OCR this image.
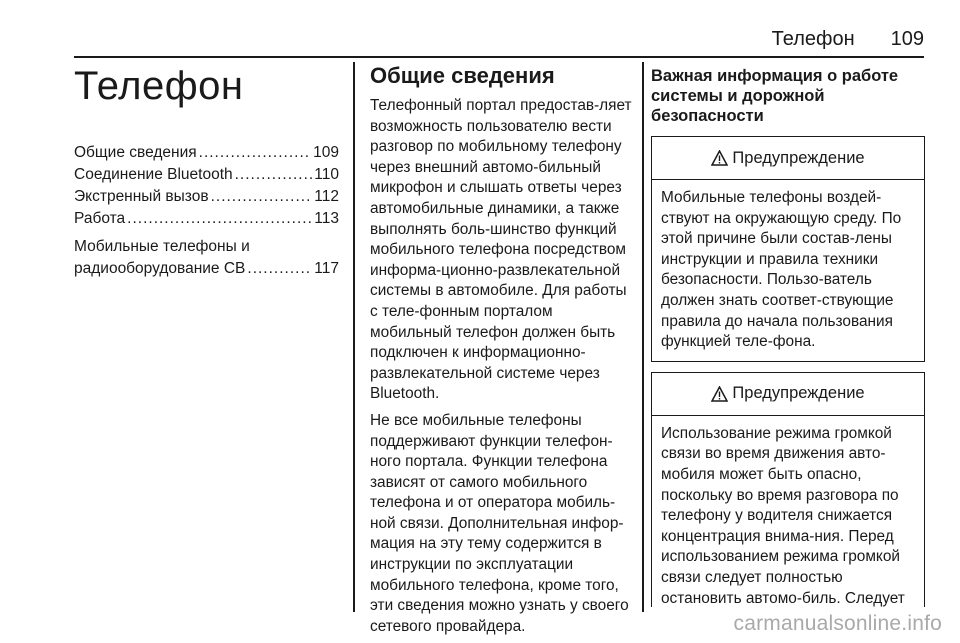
Телефон 109
Телефон
Общие сведения .....	109
Соединение Bluetooth .....	110
Экстренный вызов .....	112
Работа .....	113
Мобильные телефоны и
радиооборудование CB .....	117
Общие сведения

Телефонный портал предостав-ляет возможность пользователю вести разговор по мобильному телефону через внешний автомо-бильный микрофон и слышать ответы через автомобильные динамики, а также выполнять боль-шинство функций мобильного телефона посредством информа-ционно-развлекательной системы в автомобиле. Для работы с теле-фонным порталом мобильный телефон должен быть подключен к информационно-развлекательной системе через Bluetooth.

Не все мобильные телефоны поддерживают функции телефон-ного портала. Функции телефона зависят от самого мобильного телефона и от оператора мобиль-ной связи. Дополнительная инфор-мация на эту тему содержится в инструкции по эксплуатации мобильного телефона, кроме того, эти сведения можно узнать у своего сетевого провайдера.

Важная информация о работе системы и дорожной безопасности
Предупреждение
Мобильные телефоны воздей-ствуют на окружающую среду. По этой причине были состав-лены инструкции и правила техники безопасности. Пользо-ватель должен знать соответ-ствующие правила до начала пользования функцией теле-фона.
Предупреждение
Использование режима громкой связи во время движения авто-мобиля может быть опасно, поскольку во время разговора по телефону у водителя снижается концентрация внима-ния. Перед использованием режима громкой связи следует полностью остановить автомо-биль. Следует
carmanualsonline.info
